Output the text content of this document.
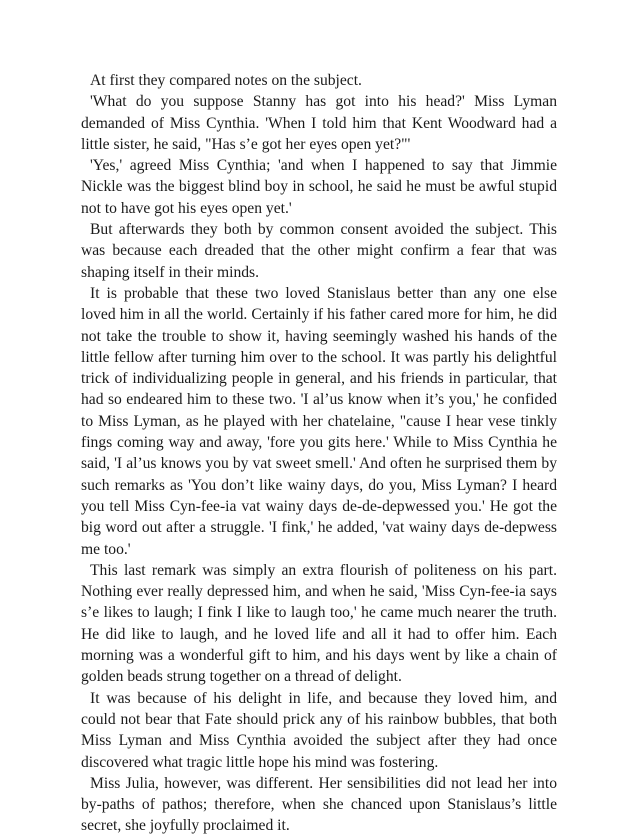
At first they compared notes on the subject.

'What do you suppose Stanny has got into his head?' Miss Lyman demanded of Miss Cynthia. 'When I told him that Kent Woodward had a little sister, he said, "Has s’e got her eyes open yet?"'

'Yes,' agreed Miss Cynthia; 'and when I happened to say that Jimmie Nickle was the biggest blind boy in school, he said he must be awful stupid not to have got his eyes open yet.'

But afterwards they both by common consent avoided the subject. This was because each dreaded that the other might confirm a fear that was shaping itself in their minds.

It is probable that these two loved Stanislaus better than any one else loved him in all the world. Certainly if his father cared more for him, he did not take the trouble to show it, having seemingly washed his hands of the little fellow after turning him over to the school. It was partly his delightful trick of individualizing people in general, and his friends in particular, that had so endeared him to these two. 'I al’us know when it’s you,' he confided to Miss Lyman, as he played with her chatelaine, "cause I hear vese tinkly fings coming way and away, 'fore you gits here.' While to Miss Cynthia he said, 'I al’us knows you by vat sweet smell.' And often he surprised them by such remarks as 'You don’t like wainy days, do you, Miss Lyman? I heard you tell Miss Cyn-fee-ia vat wainy days de-de-depwessed you.' He got the big word out after a struggle. 'I fink,' he added, 'vat wainy days de-depwess me too.'

This last remark was simply an extra flourish of politeness on his part. Nothing ever really depressed him, and when he said, 'Miss Cyn-fee-ia says s’e likes to laugh; I fink I like to laugh too,' he came much nearer the truth. He did like to laugh, and he loved life and all it had to offer him. Each morning was a wonderful gift to him, and his days went by like a chain of golden beads strung together on a thread of delight.

It was because of his delight in life, and because they loved him, and could not bear that Fate should prick any of his rainbow bubbles, that both Miss Lyman and Miss Cynthia avoided the subject after they had once discovered what tragic little hope his mind was fostering.

Miss Julia, however, was different. Her sensibilities did not lead her into by-paths of pathos; therefore, when she chanced upon Stanislaus’s little secret, she joyfully proclaimed it.
